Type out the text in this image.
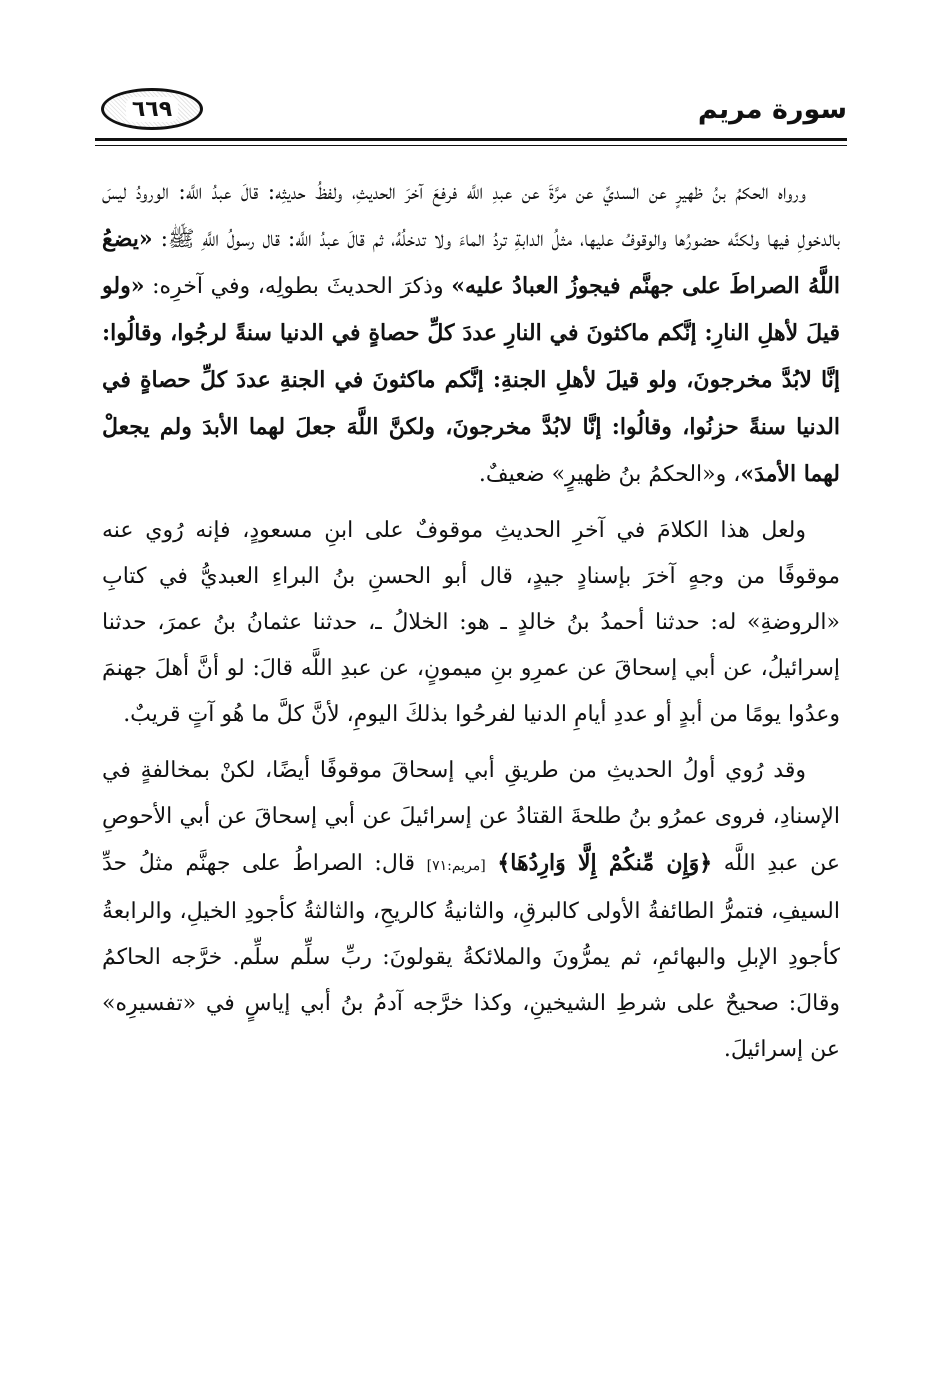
سورة مريم
٦٦٩

ورواه الحكمُ بنُ ظهيرٍ عن السديِّ عن مرَّةَ عن عبدِ اللَّه فرفعَ آخرَ الحديثِ، ولفظُ حديثِه: قالَ عبدُ اللَّه: الورودُ ليسَ بالدخولِ فيها ولكنَّه حضورُها والوقوفُ عليها، مثلُ الدابةِ تردُ الماءَ ولا تدخلُهُ، ثم قالَ عبدُ اللَّه: قال رسولُ اللَّهِ ﷺ: «يضعُ اللَّهُ الصراطَ على جهنَّم فيجوزُ العبادُ عليه» وذكرَ الحديثَ بطولِه، وفي آخرِه: «ولو قيلَ لأهلِ النارِ: إنَّكم ماكثونَ في النارِ عددَ كلِّ حصاةٍ في الدنيا سنةً لرجُوا، وقالُوا: إنَّا لابُدَّ مخرجونَ، ولو قيلَ لأهلِ الجنةِ: إنَّكم ماكثونَ في الجنةِ عددَ كلِّ حصاةٍ في الدنيا سنةً حزنُوا، وقالُوا: إنَّا لابُدَّ مخرجونَ، ولكنَّ اللَّهَ جعلَ لهما الأبدَ ولم يجعلْ لهما الأمدَ»، و«الحكمُ بنُ ظهيرٍ» ضعيفٌ.

ولعل هذا الكلامَ في آخرِ الحديثِ موقوفٌ على ابنِ مسعودٍ، فإنه رُوي عنه موقوفًا من وجهٍ آخرَ بإسنادٍ جيدٍ، قال أبو الحسنِ بنُ البراءِ العبديُّ في كتابِ «الروضةِ» له: حدثنا أحمدُ بنُ خالدٍ ـ هو: الخلالُ ـ، حدثنا عثمانُ بنُ عمرَ، حدثنا إسرائيلُ، عن أبي إسحاقَ عن عمرِو بنِ ميمونٍ، عن عبدِ اللَّه قالَ: لو أنَّ أهلَ جهنمَ وعدُوا يومًا من أبدٍ أو عددِ أيامِ الدنيا لفرحُوا بذلكَ اليومِ، لأنَّ كلَّ ما هُو آتٍ قريبٌ.

وقد رُوي أولُ الحديثِ من طريقِ أبي إسحاقَ موقوفًا أيضًا، لكنْ بمخالفةٍ في الإسنادِ، فروى عمرُو بنُ طلحةَ القتادُ عن إسرائيلَ عن أبي إسحاقَ عن أبي الأحوصِ عن عبدِ اللَّه ﴿وَإِن مِّنكُمْ إِلَّا وَارِدُهَا﴾ [مريم:٧١] قال: الصراطُ على جهنَّم مثلُ حدِّ السيفِ، فتمرُّ الطائفةُ الأولى كالبرقِ، والثانيةُ كالريحِ، والثالثةُ كأجودِ الخيلِ، والرابعةُ كأجودِ الإبلِ والبهائمِ، ثم يمرُّونَ والملائكةُ يقولونَ: ربِّ سلِّم سلِّم. خرَّجه الحاكمُ وقالَ: صحيحٌ على شرطِ الشيخينِ، وكذا خرَّجه آدمُ بنُ أبي إياسٍ في «تفسيرِه» عن إسرائيلَ.
